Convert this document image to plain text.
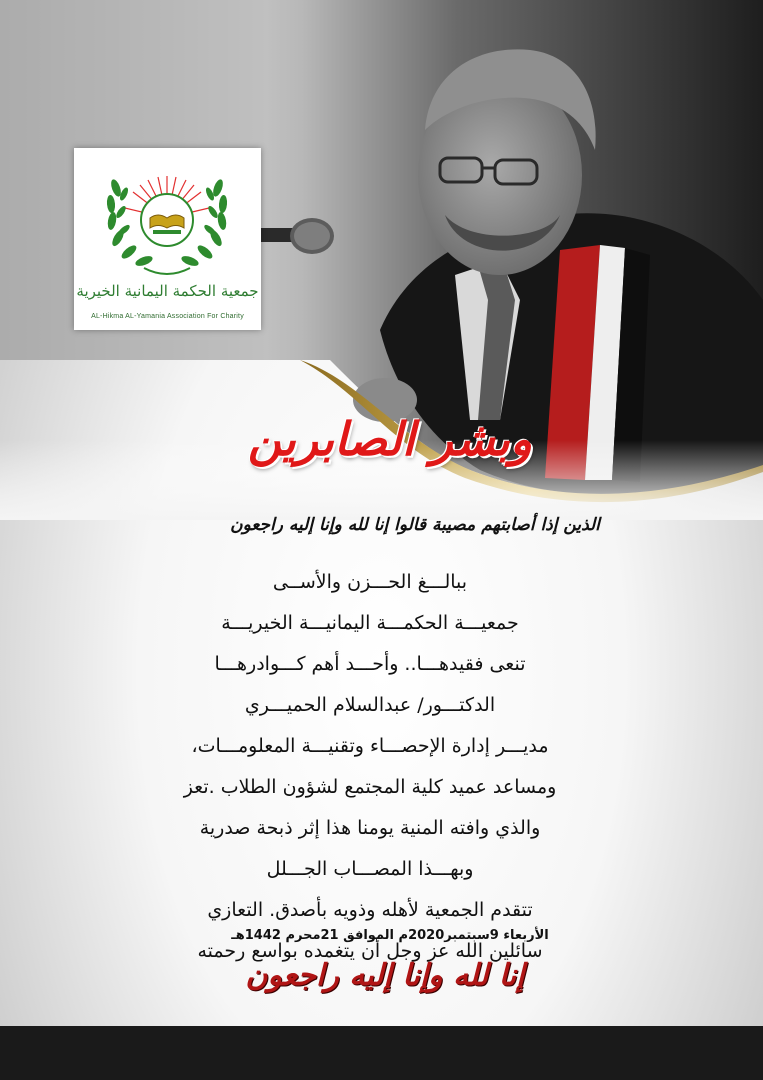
جمعية الحكمة اليمانية الخيرية
AL-Hikma AL-Yamania Association For Charity
وبشر الصابرين
الذين إذا أصابتهم مصيبة قالوا إنا لله وإنا إليه راجعون
ببالـــغ الحـــزن والأســى
جمعيـــة الحكمـــة اليمانيـــة الخيريـــة
تنعى فقيدهـــا.. وأحـــد أهم كـــوادرهـــا
الدكتـــور/ عبدالسلام الحميـــري
مديـــر إدارة الإحصـــاء وتقنيـــة المعلومـــات،
ومساعد عميد كلية المجتمع لشؤون الطلاب .تعز
والذي وافته المنية يومنا هذا إثر ذبحة صدرية
وبهـــذا المصـــاب الجـــلل
تتقدم الجمعية لأهله وذويه بأصدق. التعازي
سائلين الله عز وجل أن يتغمده بواسع رحمته
الأربعاء 9سبتمبر2020م الموافق 21محرم 1442هـ
إنا لله وإنا إليه راجعون
